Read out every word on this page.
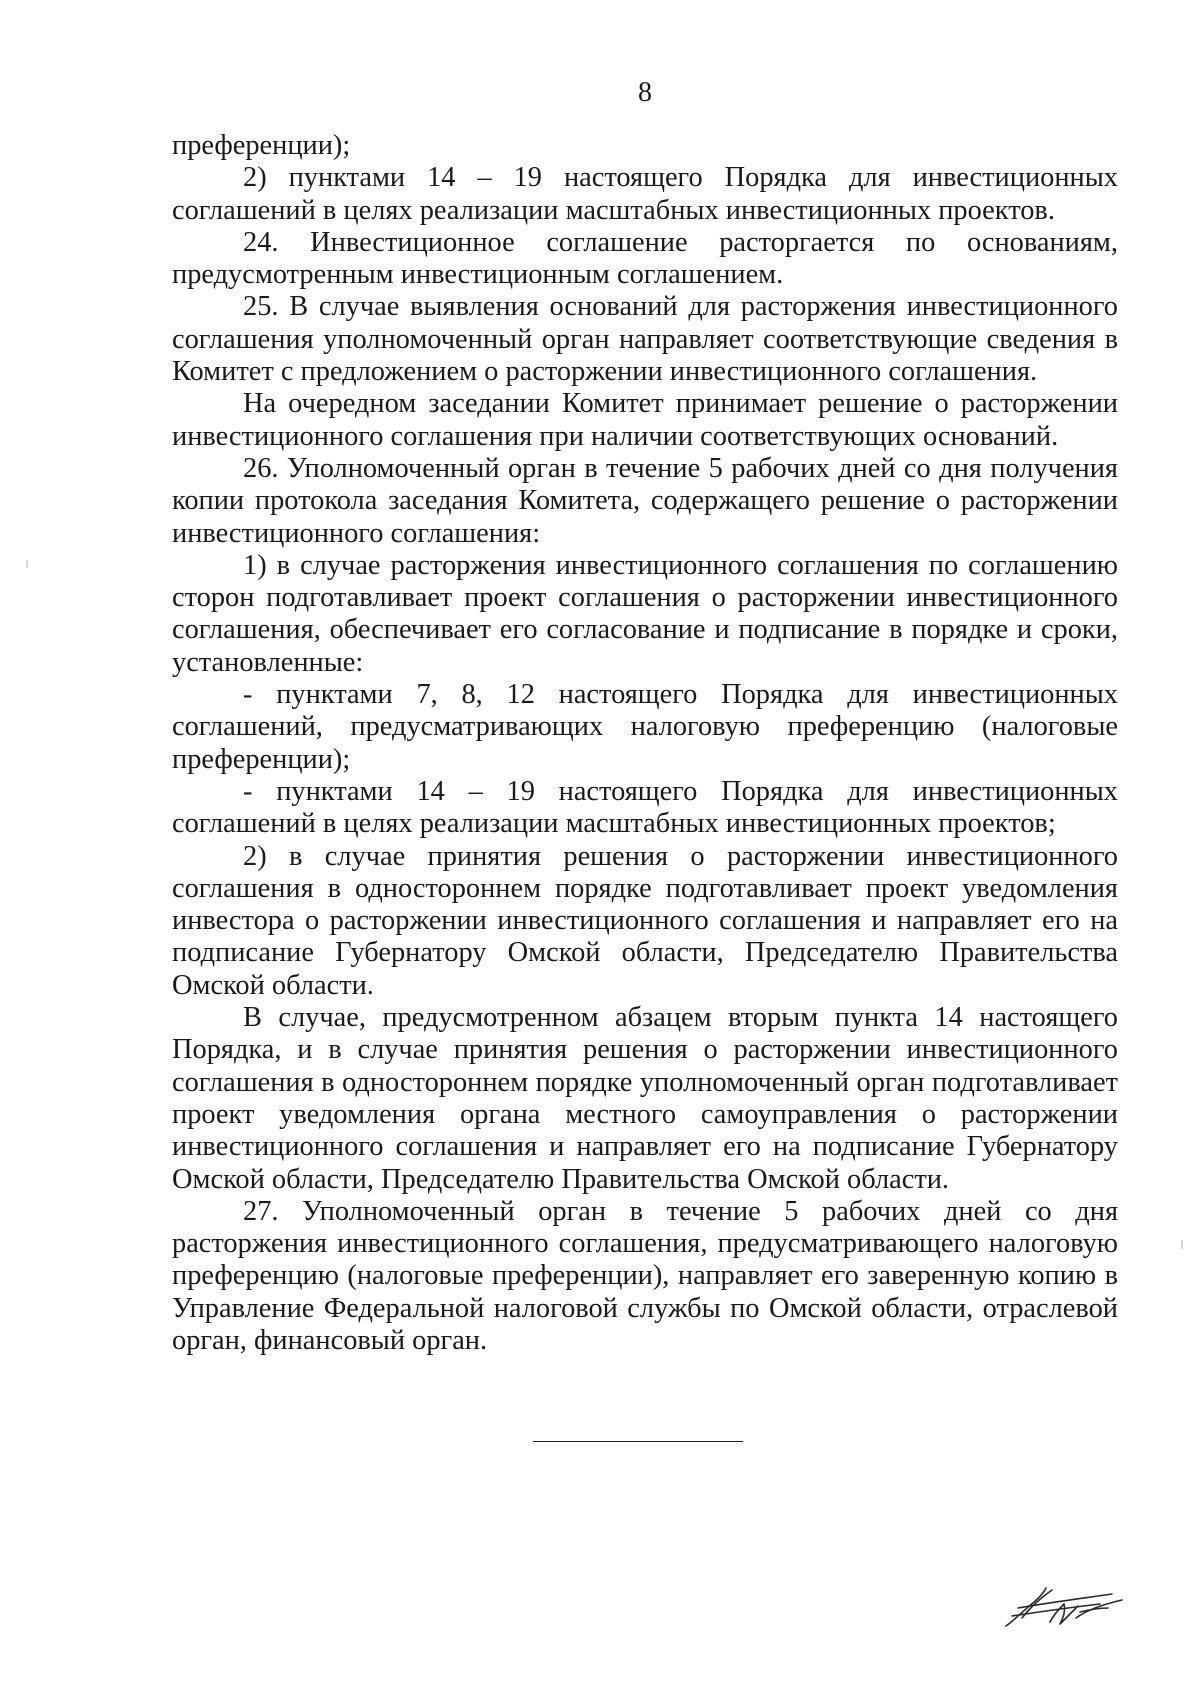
8

преференции);

2) пунктами 14 – 19 настоящего Порядка для инвестиционных соглашений в целях реализации масштабных инвестиционных проектов.

24. Инвестиционное соглашение расторгается по основаниям, предусмотренным инвестиционным соглашением.

25. В случае выявления оснований для расторжения инвестиционного соглашения уполномоченный орган направляет соответствующие сведения в Комитет с предложением о расторжении инвестиционного соглашения.

На очередном заседании Комитет принимает решение о расторжении инвестиционного соглашения при наличии соответствующих оснований.

26. Уполномоченный орган в течение 5 рабочих дней со дня получения копии протокола заседания Комитета, содержащего решение о расторжении инвестиционного соглашения:

1) в случае расторжения инвестиционного соглашения по соглашению сторон подготавливает проект соглашения о расторжении инвестиционного соглашения, обеспечивает его согласование и подписание в порядке и сроки, установленные:

- пунктами 7, 8, 12 настоящего Порядка для инвестиционных соглашений, предусматривающих налоговую преференцию (налоговые преференции);

- пунктами 14 – 19 настоящего Порядка для инвестиционных соглашений в целях реализации масштабных инвестиционных проектов;

2) в случае принятия решения о расторжении инвестиционного соглашения в одностороннем порядке подготавливает проект уведомления инвестора о расторжении инвестиционного соглашения и направляет его на подписание Губернатору Омской области, Председателю Правительства Омской области.

В случае, предусмотренном абзацем вторым пункта 14 настоящего Порядка, и в случае принятия решения о расторжении инвестиционного соглашения в одностороннем порядке уполномоченный орган подготавливает проект уведомления органа местного самоуправления о расторжении инвестиционного соглашения и направляет его на подписание Губернатору Омской области, Председателю Правительства Омской области.

27. Уполномоченный орган в течение 5 рабочих дней со дня расторжения инвестиционного соглашения, предусматривающего налоговую преференцию (налоговые преференции), направляет его заверенную копию в Управление Федеральной налоговой службы по Омской области, отраслевой орган, финансовый орган.
